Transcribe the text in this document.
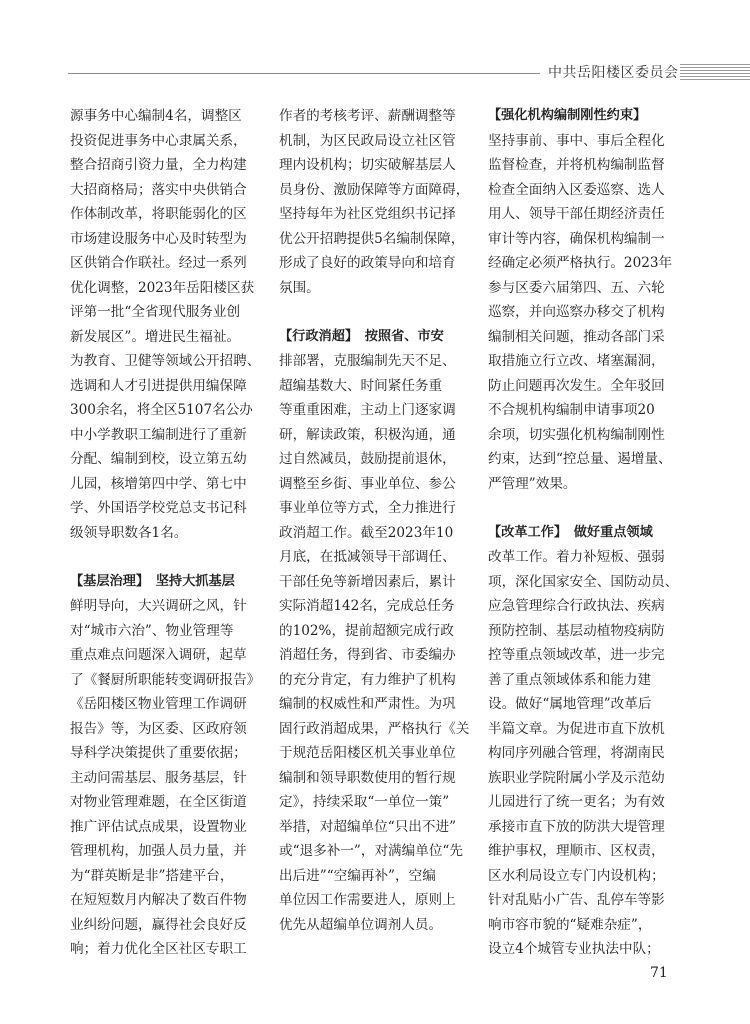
中共岳阳楼区委员会
源事务中心编制4名，调整区
投资促进事务中心隶属关系，
整合招商引资力量，全力构建
大招商格局；落实中央供销合
作体制改革，将职能弱化的区
市场建设服务中心及时转型为
区供销合作联社。经过一系列
优化调整，2023年岳阳楼区获
评第一批“全省现代服务业创
新发展区”。增进民生福祉。
为教育、卫健等领域公开招聘、
选调和人才引进提供用编保障
300余名，将全区5107名公办
中小学教职工编制进行了重新
分配、编制到校，设立第五幼
儿园，核增第四中学、第七中
学、外国语学校党总支书记科
级领导职数各1名。
【基层治理】　坚持大抓基层
鲜明导向，大兴调研之风，针
对“城市六治”、物业管理等
重点难点问题深入调研，起草
了《餐厨所职能转变调研报告》
《岳阳楼区物业管理工作调研
报告》等，为区委、区政府领
导科学决策提供了重要依据；
主动问需基层、服务基层，针
对物业管理难题，在全区街道
推广评估试点成果，设置物业
管理机构，加强人员力量，并
为“群英断是非”搭建平台，
在短短数月内解决了数百件物
业纠纷问题，赢得社会良好反
响；着力优化全区社区专职工
作者的考核考评、薪酬调整等
机制，为区民政局设立社区管
理内设机构；切实破解基层人
员身份、激励保障等方面障碍，
坚持每年为社区党组织书记择
优公开招聘提供5名编制保障，
形成了良好的政策导向和培育
氛围。
【行政消超】　按照省、市安
排部署，克服编制先天不足、
超编基数大、时间紧任务重
等重重困难，主动上门逐家调
研，解读政策，积极沟通，通
过自然减员，鼓励提前退休，
调整至乡街、事业单位、参公
事业单位等方式，全力推进行
政消超工作。截至2023年10
月底，在抵减领导干部调任、
干部任免等新增因素后，累计
实际消超142名，完成总任务
的102%，提前超额完成行政
消超任务，得到省、市委编办
的充分肯定，有力维护了机构
编制的权威性和严肃性。为巩
固行政消超成果，严格执行《关
于规范岳阳楼区机关事业单位
编制和领导职数使用的暂行规
定》，持续采取“一单位一策”
举措，对超编单位“只出不进”
或“退多补一”，对满编单位“先
出后进”“空编再补”，空编
单位因工作需要进人，原则上
优先从超编单位调剂人员。
【强化机构编制刚性约束】
坚持事前、事中、事后全程化
监督检查，并将机构编制监督
检查全面纳入区委巡察、选人
用人、领导干部任期经济责任
审计等内容，确保机构编制一
经确定必须严格执行。2023年
参与区委六届第四、五、六轮
巡察，并向巡察办移交了机构
编制相关问题，推动各部门采
取措施立行立改、堵塞漏洞，
防止问题再次发生。全年驳回
不合规机构编制申请事项20
余项，切实强化机构编制刚性
约束，达到“控总量、遏增量、
严管理”效果。
【改革工作】　做好重点领域
改革工作。着力补短板、强弱
项，深化国家安全、国防动员、
应急管理综合行政执法、疾病
预防控制、基层动植物疫病防
控等重点领域改革，进一步完
善了重点领域体系和能力建
设。做好“属地管理”改革后
半篇文章。为促进市直下放机
构同序列融合管理，将湖南民
族职业学院附属小学及示范幼
儿园进行了统一更名；为有效
承接市直下放的防洪大堤管理
维护事权，理顺市、区权责，
区水利局设立专门内设机构；
针对乱贴小广告、乱停车等影
响市容市貌的“疑难杂症”，
设立4个城管专业执法中队；
71
